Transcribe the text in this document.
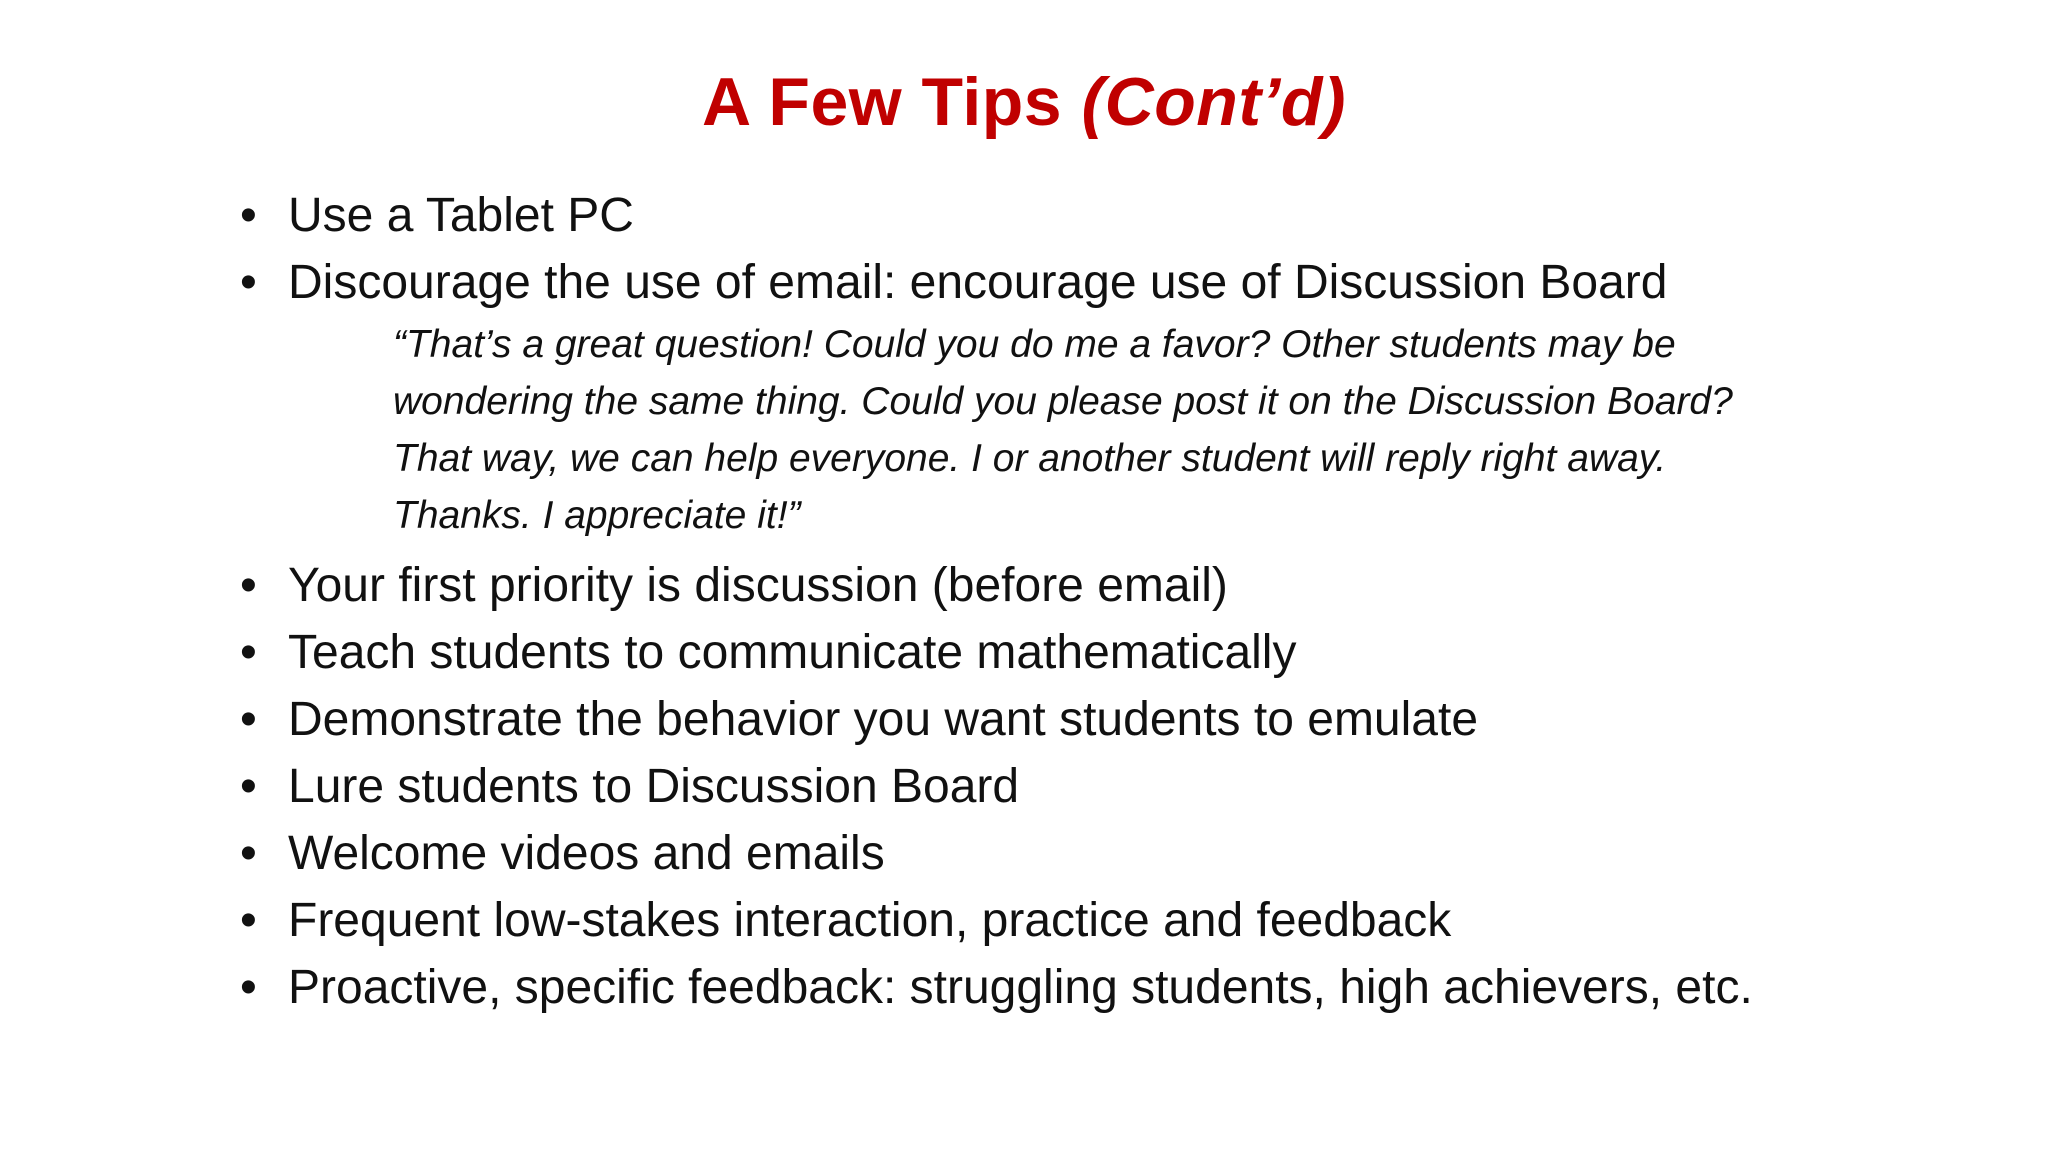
A Few Tips (Cont’d)
• Use a Tablet PC
• Discourage the use of email: encourage use of Discussion Board
“That’s a great question! Could you do me a favor? Other students may be wondering the same thing. Could you please post it on the Discussion Board? That way, we can help everyone. I or another student will reply right away. Thanks. I appreciate it!”
• Your first priority is discussion (before email)
• Teach students to communicate mathematically
• Demonstrate the behavior you want students to emulate
• Lure students to Discussion Board
• Welcome videos and emails
• Frequent low-stakes interaction, practice and feedback
• Proactive, specific feedback: struggling students, high achievers, etc.
